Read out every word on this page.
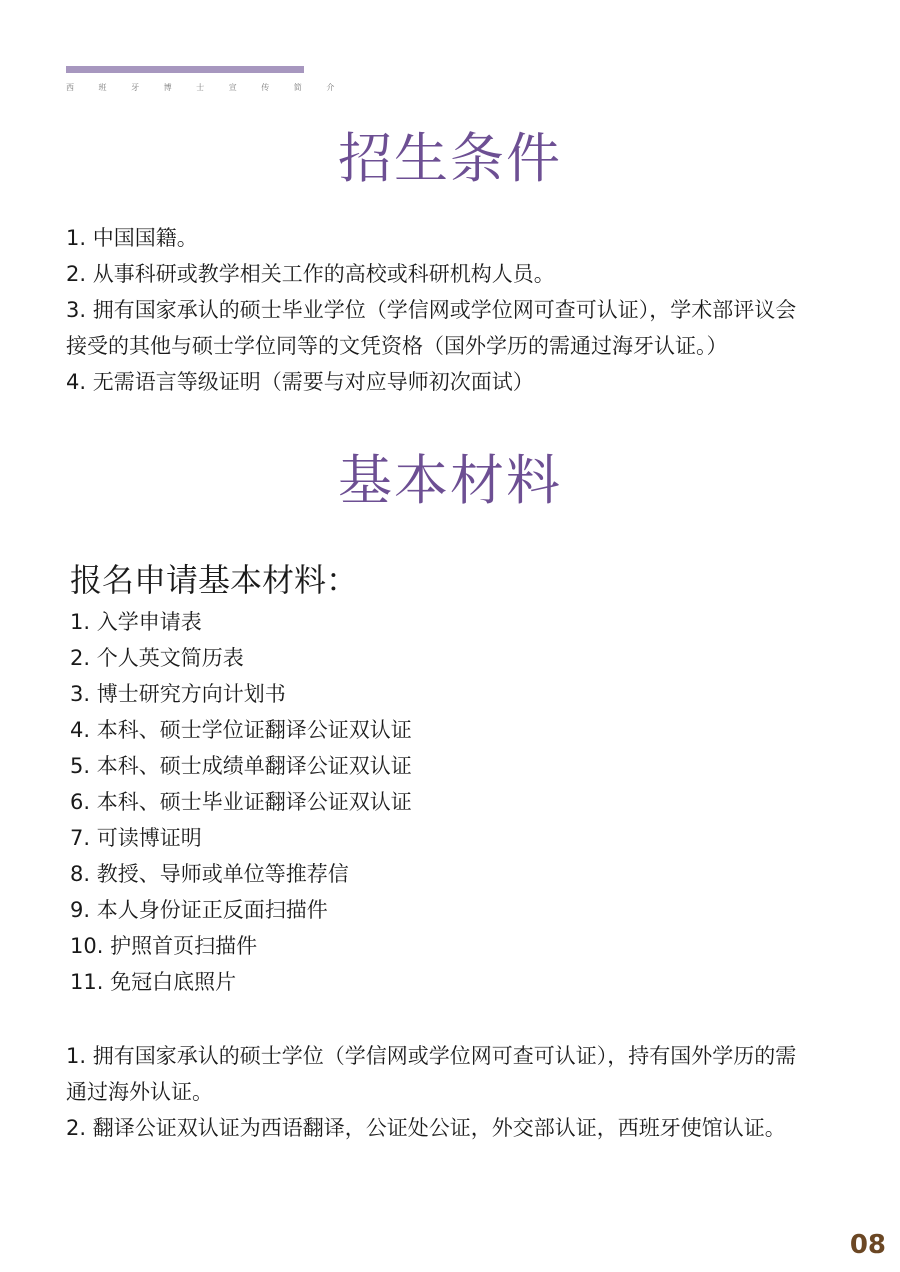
西 班 牙 博 士 宣 传 简 介
招生条件
1. 中国国籍。
2. 从事科研或教学相关工作的高校或科研机构人员。
3. 拥有国家承认的硕士毕业学位（学信网或学位网可查可认证），学术部评议会接受的其他与硕士学位同等的文凭资格（国外学历的需通过海牙认证。）
4. 无需语言等级证明（需要与对应导师初次面试）
基本材料
报名申请基本材料：
1. 入学申请表
2. 个人英文简历表
3. 博士研究方向计划书
4. 本科、硕士学位证翻译公证双认证
5. 本科、硕士成绩单翻译公证双认证
6. 本科、硕士毕业证翻译公证双认证
7. 可读博证明
8. 教授、导师或单位等推荐信
9. 本人身份证正反面扫描件
10. 护照首页扫描件
11. 免冠白底照片
1. 拥有国家承认的硕士学位（学信网或学位网可查可认证），持有国外学历的需通过海外认证。
2. 翻译公证双认证为西语翻译，公证处公证，外交部认证，西班牙使馆认证。
08
